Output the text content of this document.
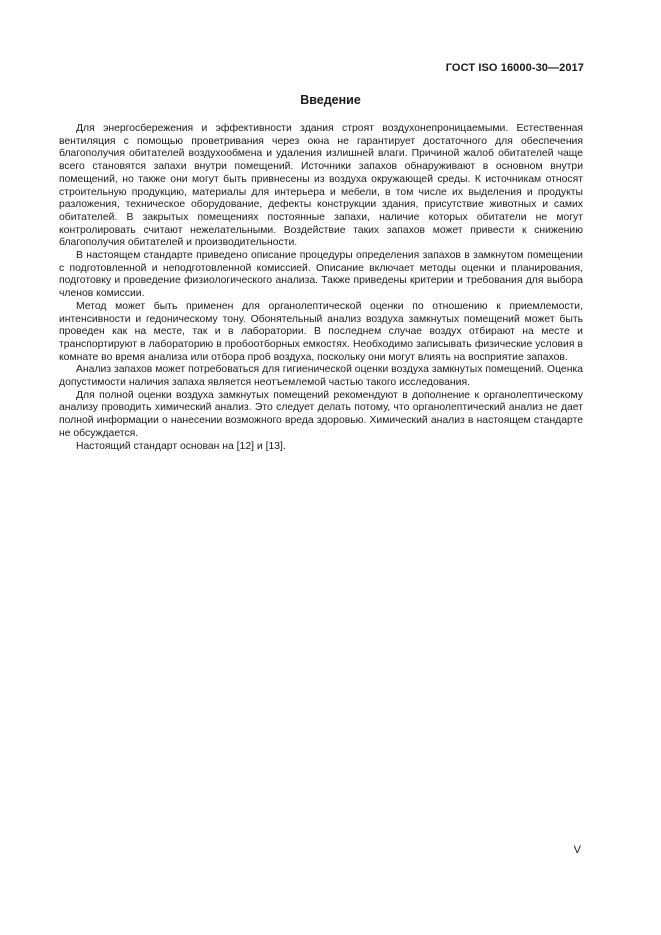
ГОСТ ISO 16000-30—2017
Введение

Для энергосбережения и эффективности здания строят воздухонепроницаемыми. Естественная вентиляция с помощью проветривания через окна не гарантирует достаточного для обеспечения благополучия обитателей воздухообмена и удаления излишней влаги. Причиной жалоб обитателей чаще всего становятся запахи внутри помещений. Источники запахов обнаруживают в основном внутри помещений, но также они могут быть привнесены из воздуха окружающей среды. К источникам относят строительную продукцию, материалы для интерьера и мебели, в том числе их выделения и продукты разложения, техническое оборудование, дефекты конструкции здания, присутствие животных и самих обитателей. В закрытых помещениях постоянные запахи, наличие которых обитатели не могут контролировать считают нежелательными. Воздействие таких запахов может привести к снижению благополучия обитателей и производительности.

В настоящем стандарте приведено описание процедуры определения запахов в замкнутом помещении с подготовленной и неподготовленной комиссией. Описание включает методы оценки и планирования, подготовку и проведение физиологического анализа. Также приведены критерии и требования для выбора членов комиссии.

Метод может быть применен для органолептической оценки по отношению к приемлемости, интенсивности и гедоническому тону. Обонятельный анализ воздуха замкнутых помещений может быть проведен как на месте, так и в лаборатории. В последнем случае воздух отбирают на месте и транспортируют в лабораторию в пробоотборных емкостях. Необходимо записывать физические условия в комнате во время анализа или отбора проб воздуха, поскольку они могут влиять на восприятие запахов.

Анализ запахов может потребоваться для гигиенической оценки воздуха замкнутых помещений. Оценка допустимости наличия запаха является неотъемлемой частью такого исследования.

Для полной оценки воздуха замкнутых помещений рекомендуют в дополнение к органолептическому анализу проводить химический анализ. Это следует делать потому, что органолептический анализ не дает полной информации о нанесении возможного вреда здоровью. Химический анализ в настоящем стандарте не обсуждается.

Настоящий стандарт основан на [12] и [13].

V
